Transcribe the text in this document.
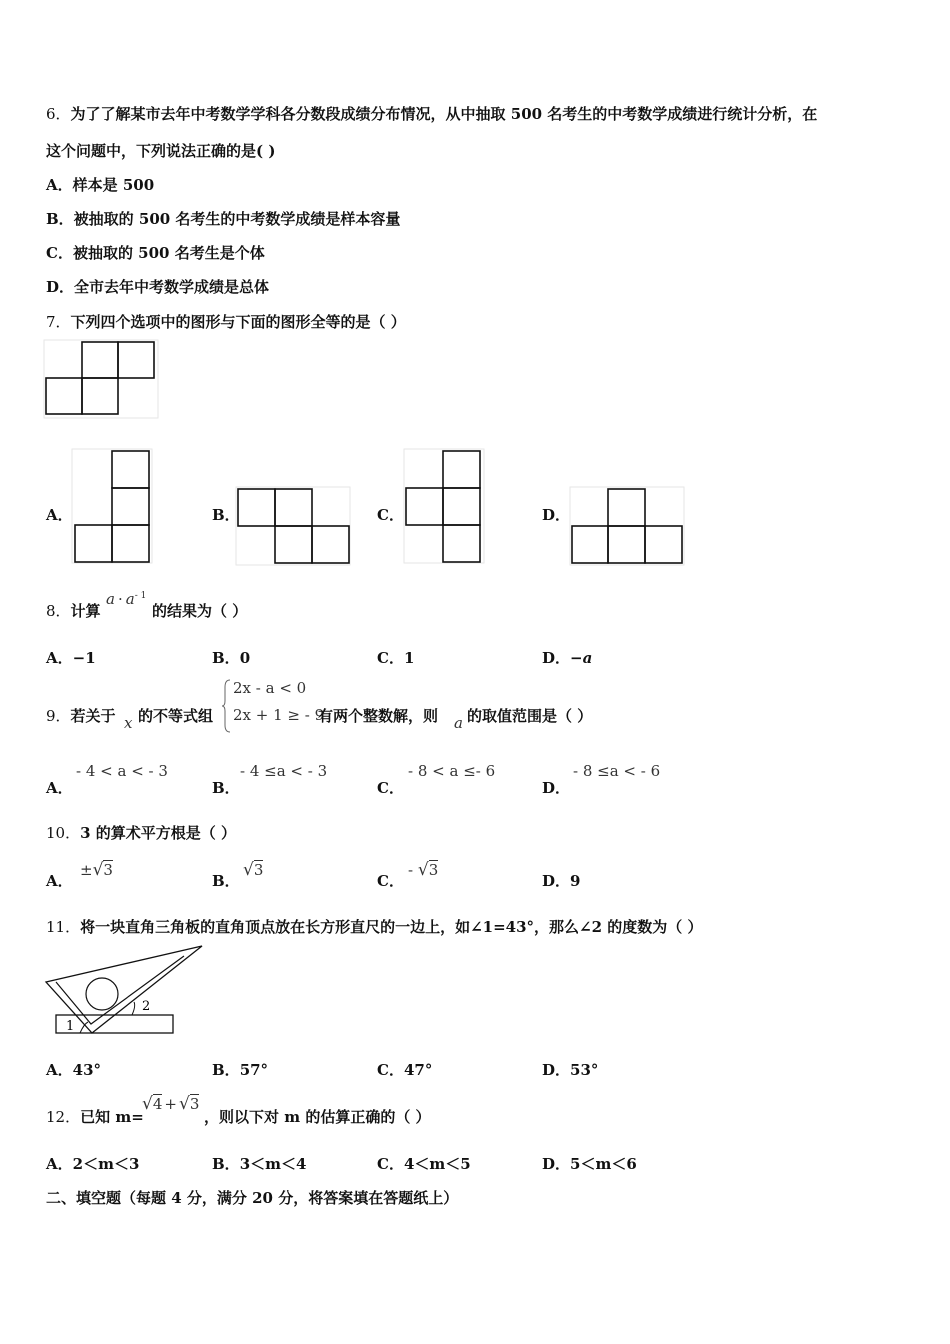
6．为了了解某市去年中考数学学科各分数段成绩分布情况，从中抽取 500 名考生的中考数学成绩进行统计分析，在
这个问题中，下列说法正确的是( )
A．样本是 500
B．被抽取的 500 名考生的中考数学成绩是样本容量
C．被抽取的 500 名考生是个体
D．全市去年中考数学成绩是总体
7．下列四个选项中的图形与下面的图形全等的是（ ）
A．	B．	C．	D．
8．计算
$a \cdot a^{- 1}$
的结果为（ ）
A．−1	B．0	C．1	D．−a
9．若关于 x 的不等式组
2x - a < 0
2x + 1 ≥ - 9
有两个整数解，则 a 的取值范围是（ ）
A．
- 4 < a < - 3
B．
- 4 ≤a < - 3
C．
- 8 < a ≤- 6
D．
- 8 ≤a < - 6
10．3 的算术平方根是（ ）
A．
±√3
B．
√3
C．
- √3
D．9
11．将一块直角三角板的直角顶点放在长方形直尺的一边上，如∠1=43°，那么∠2 的度数为（ ）
2
1
A．43°	B．57°	C．47°	D．53°
12．已知 m=
√4 + √3
，则以下对 m 的估算正确的（ ）
A．2＜m＜3	B．3＜m＜4	C．4＜m＜5	D．5＜m＜6
二、填空题（每题 4 分，满分 20 分，将答案填在答题纸上）
